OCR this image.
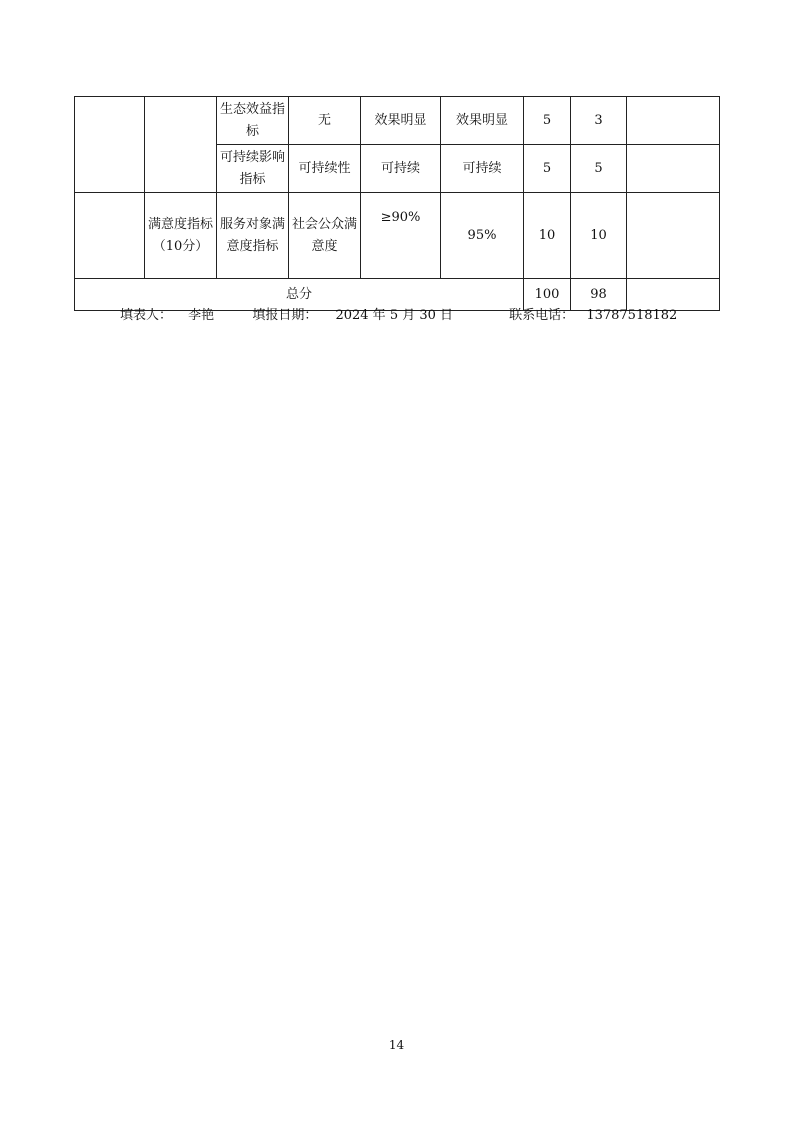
		生态效益指标	无	效果明显	效果明显	5	3	
		可持续影响指标	可持续性	可持续	可持续	5	5	
	满意度指标（10分）	服务对象满意度指标	社会公众满意度	≥90%	95%	10	10	
总分						100	98	
填表人： 李艳	填报日期： 2024 年 5 月 30 日	联系电话： 13787518182
14
